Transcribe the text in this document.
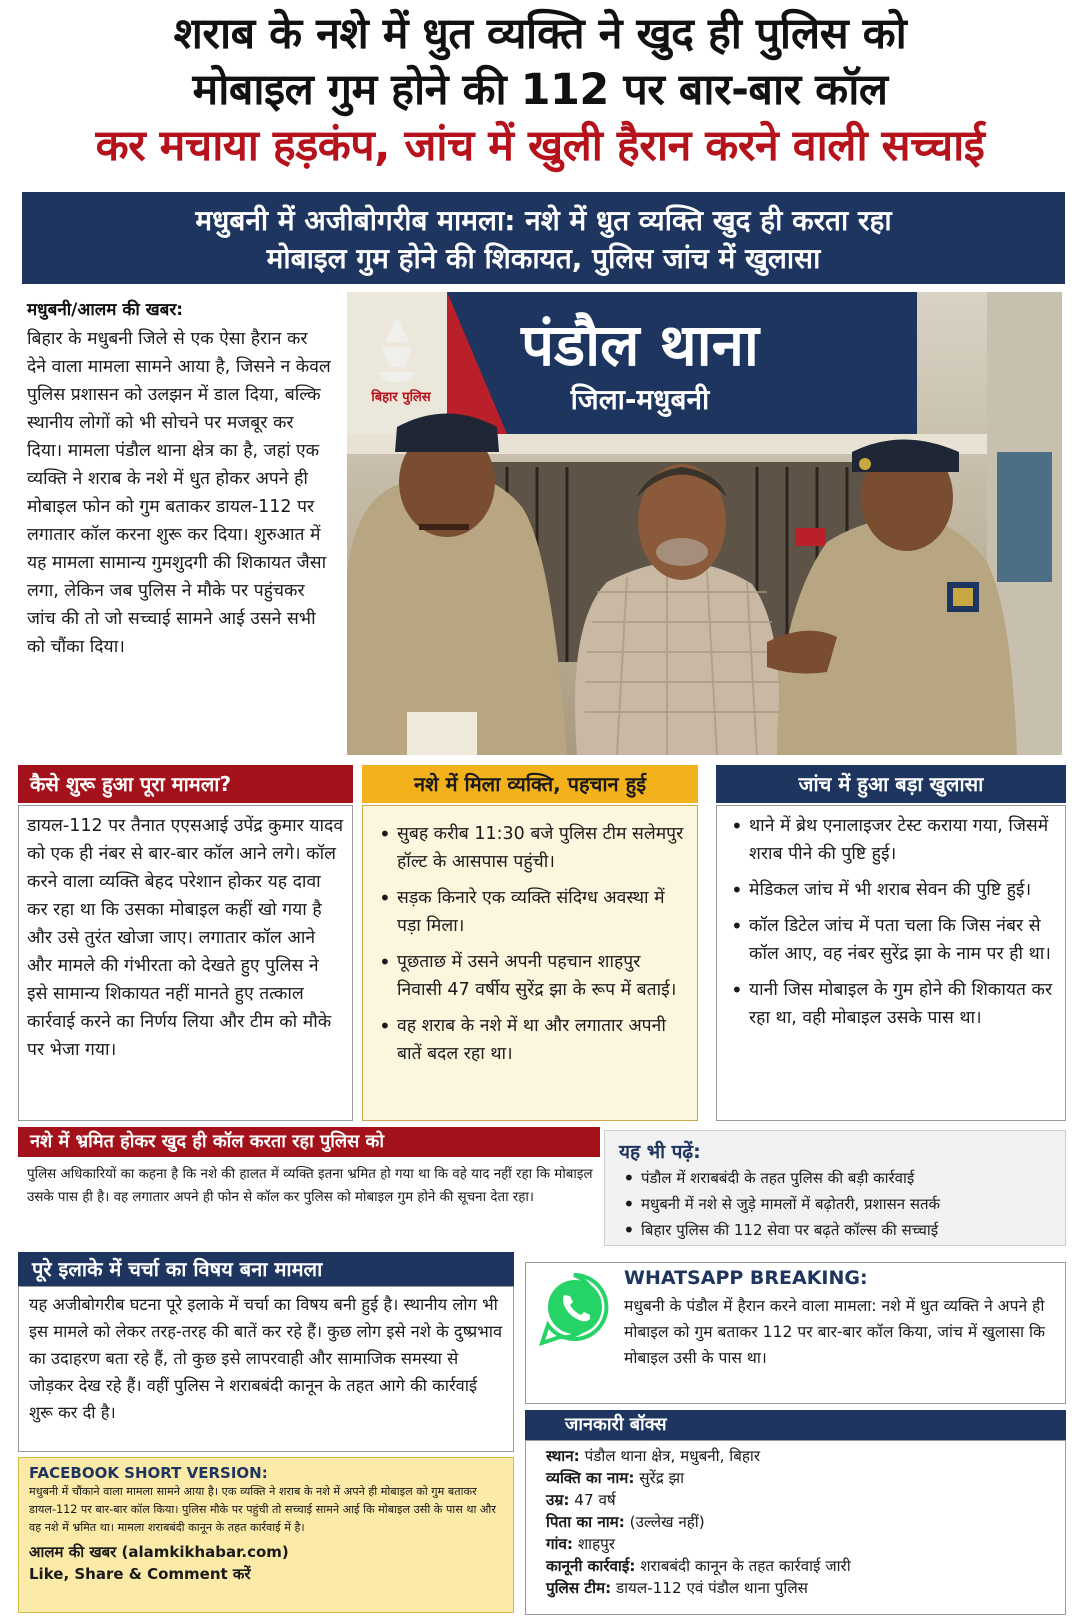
शराब के नशे में धुत व्यक्ति ने खुद ही पुलिस को
मोबाइल गुम होने की 112 पर बार-बार कॉल
कर मचाया हड़कंप, जांच में खुली हैरान करने वाली सच्चाई
मधुबनी में अजीबोगरीब मामला: नशे में धुत व्यक्ति खुद ही करता रहा
मोबाइल गुम होने की शिकायत, पुलिस जांच में खुलासा
मधुबनी/आलम की खबर:
बिहार के मधुबनी जिले से एक ऐसा हैरान कर देने वाला मामला सामने आया है, जिसने न केवल पुलिस प्रशासन को उलझन में डाल दिया, बल्कि स्थानीय लोगों को भी सोचने पर मजबूर कर दिया। मामला पंडौल थाना क्षेत्र का है, जहां एक व्यक्ति ने शराब के नशे में धुत होकर अपने ही मोबाइल फोन को गुम बताकर डायल-112 पर लगातार कॉल करना शुरू कर दिया। शुरुआत में यह मामला सामान्य गुमशुदगी की शिकायत जैसा लगा, लेकिन जब पुलिस ने मौके पर पहुंचकर जांच की तो जो सच्चाई सामने आई उसने सभी को चौंका दिया।
बिहार पुलिस
पंडौल थाना
जिला-मधुबनी
कैसे शुरू हुआ पूरा मामला?
डायल-112 पर तैनात एएसआई उपेंद्र कुमार यादव को एक ही नंबर से बार-बार कॉल आने लगे। कॉल करने वाला व्यक्ति बेहद परेशान होकर यह दावा कर रहा था कि उसका मोबाइल कहीं खो गया है और उसे तुरंत खोजा जाए। लगातार कॉल आने और मामले की गंभीरता को देखते हुए पुलिस ने इसे सामान्य शिकायत नहीं मानते हुए तत्काल कार्रवाई करने का निर्णय लिया और टीम को मौके पर भेजा गया।
नशे में मिला व्यक्ति, पहचान हुई
• सुबह करीब 11:30 बजे पुलिस टीम सलेमपुर हॉल्ट के आसपास पहुंची।
• सड़क किनारे एक व्यक्ति संदिग्ध अवस्था में पड़ा मिला।
• पूछताछ में उसने अपनी पहचान शाहपुर निवासी 47 वर्षीय सुरेंद्र झा के रूप में बताई।
• वह शराब के नशे में था और लगातार अपनी बातें बदल रहा था।
जांच में हुआ बड़ा खुलासा
• थाने में ब्रेथ एनालाइजर टेस्ट कराया गया, जिसमें शराब पीने की पुष्टि हुई।
• मेडिकल जांच में भी शराब सेवन की पुष्टि हुई।
• कॉल डिटेल जांच में पता चला कि जिस नंबर से कॉल आए, वह नंबर सुरेंद्र झा के नाम पर ही था।
• यानी जिस मोबाइल के गुम होने की शिकायत कर रहा था, वही मोबाइल उसके पास था।
नशे में भ्रमित होकर खुद ही कॉल करता रहा पुलिस को
पुलिस अधिकारियों का कहना है कि नशे की हालत में व्यक्ति इतना भ्रमित हो गया था कि वहे याद नहीं रहा कि मोबाइल उसके पास ही है। वह लगातार अपने ही फोन से कॉल कर पुलिस को मोबाइल गुम होने की सूचना देता रहा।
यह भी पढ़ें:
• पंडौल में शराबबंदी के तहत पुलिस की बड़ी कार्रवाई
• मधुबनी में नशे से जुड़े मामलों में बढ़ोतरी, प्रशासन सतर्क
• बिहार पुलिस की 112 सेवा पर बढ़ते कॉल्स की सच्चाई
पूरे इलाके में चर्चा का विषय बना मामला
यह अजीबोगरीब घटना पूरे इलाके में चर्चा का विषय बनी हुई है। स्थानीय लोग भी इस मामले को लेकर तरह-तरह की बातें कर रहे हैं। कुछ लोग इसे नशे के दुष्प्रभाव का उदाहरण बता रहे हैं, तो कुछ इसे लापरवाही और सामाजिक समस्या से जोड़कर देख रहे हैं। वहीं पुलिस ने शराबबंदी कानून के तहत आगे की कार्रवाई शुरू कर दी है।
FACEBOOK SHORT VERSION:

मधुबनी में चौंकाने वाला मामला सामने आया है। एक व्यक्ति ने शराब के नशे में अपने ही मोबाइल को गुम बताकर डायल-112 पर बार-बार कॉल किया। पुलिस मौके पर पहुंची तो सच्चाई सामने आई कि मोबाइल उसी के पास था और वह नशे में भ्रमित था। मामला शराबबंदी कानून के तहत कार्रवाई में है।

आलम की खबर (alamkikhabar.com)
Like, Share & Comment करें
WHATSAPP BREAKING:

मधुबनी के पंडौल में हैरान करने वाला मामला: नशे में धुत व्यक्ति ने अपने ही मोबाइल को गुम बताकर 112 पर बार-बार कॉल किया, जांच में खुलासा कि मोबाइल उसी के पास था।

जानकारी बॉक्स
स्थान: पंडौल थाना क्षेत्र, मधुबनी, बिहार
व्यक्ति का नाम: सुरेंद्र झा
उम्र: 47 वर्ष
पिता का नाम: (उल्लेख नहीं)
गांव: शाहपुर
कानूनी कार्रवाई: शराबबंदी कानून के तहत कार्रवाई जारी
पुलिस टीम: डायल-112 एवं पंडौल थाना पुलिस
